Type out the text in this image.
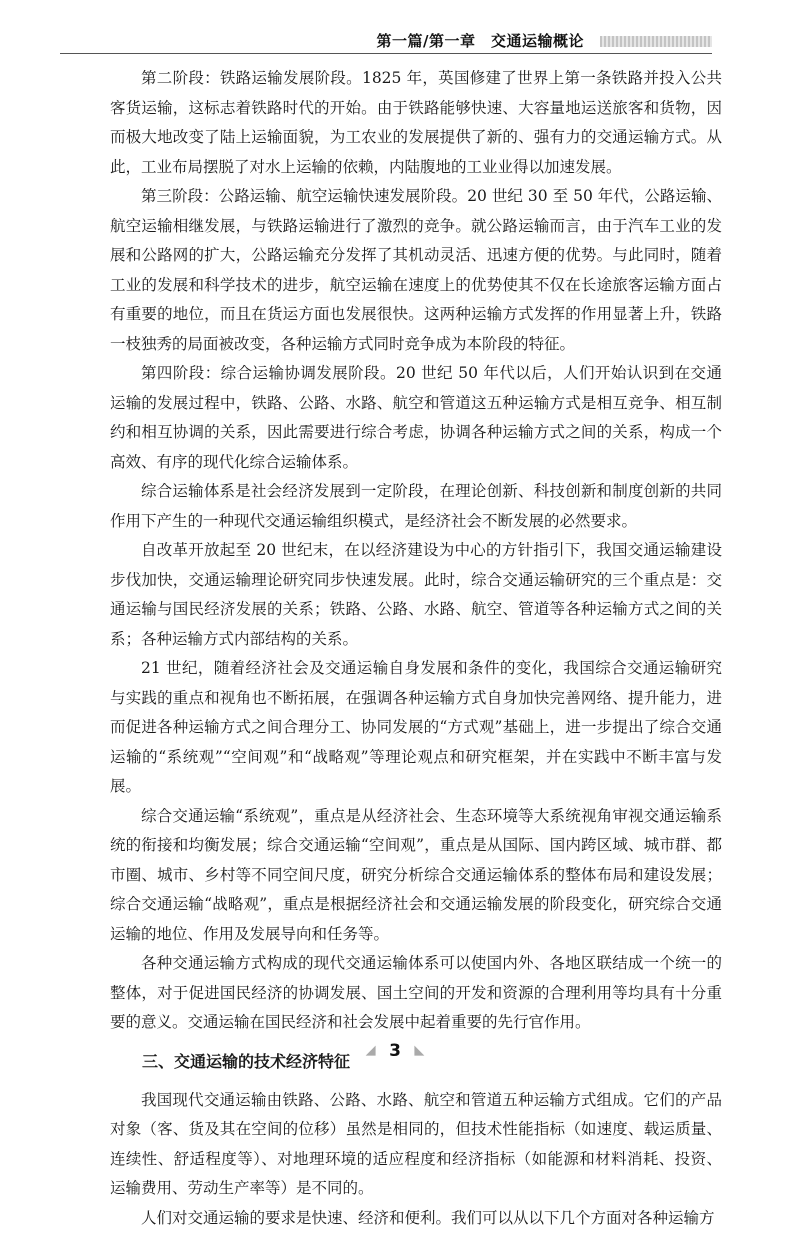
第一篇/第一章　交通运输概论

第二阶段：铁路运输发展阶段。1825 年，英国修建了世界上第一条铁路并投入公共客货运输，这标志着铁路时代的开始。由于铁路能够快速、大容量地运送旅客和货物，因而极大地改变了陆上运输面貌，为工农业的发展提供了新的、强有力的交通运输方式。从此，工业布局摆脱了对水上运输的依赖，内陆腹地的工业业得以加速发展。

第三阶段：公路运输、航空运输快速发展阶段。20 世纪 30 至 50 年代，公路运输、航空运输相继发展，与铁路运输进行了激烈的竞争。就公路运输而言，由于汽车工业的发展和公路网的扩大，公路运输充分发挥了其机动灵活、迅速方便的优势。与此同时，随着工业的发展和科学技术的进步，航空运输在速度上的优势使其不仅在长途旅客运输方面占有重要的地位，而且在货运方面也发展很快。这两种运输方式发挥的作用显著上升，铁路一枝独秀的局面被改变，各种运输方式同时竞争成为本阶段的特征。

第四阶段：综合运输协调发展阶段。20 世纪 50 年代以后，人们开始认识到在交通运输的发展过程中，铁路、公路、水路、航空和管道这五种运输方式是相互竞争、相互制约和相互协调的关系，因此需要进行综合考虑，协调各种运输方式之间的关系，构成一个高效、有序的现代化综合运输体系。

综合运输体系是社会经济发展到一定阶段，在理论创新、科技创新和制度创新的共同作用下产生的一种现代交通运输组织模式，是经济社会不断发展的必然要求。

自改革开放起至 20 世纪末，在以经济建设为中心的方针指引下，我国交通运输建设步伐加快，交通运输理论研究同步快速发展。此时，综合交通运输研究的三个重点是：交通运输与国民经济发展的关系；铁路、公路、水路、航空、管道等各种运输方式之间的关系；各种运输方式内部结构的关系。

21 世纪，随着经济社会及交通运输自身发展和条件的变化，我国综合交通运输研究与实践的重点和视角也不断拓展，在强调各种运输方式自身加快完善网络、提升能力，进而促进各种运输方式之间合理分工、协同发展的“方式观”基础上，进一步提出了综合交通运输的“系统观”“空间观”和“战略观”等理论观点和研究框架，并在实践中不断丰富与发展。

综合交通运输“系统观”，重点是从经济社会、生态环境等大系统视角审视交通运输系统的衔接和均衡发展；综合交通运输“空间观”，重点是从国际、国内跨区域、城市群、都市圈、城市、乡村等不同空间尺度，研究分析综合交通运输体系的整体布局和建设发展；综合交通运输“战略观”，重点是根据经济社会和交通运输发展的阶段变化，研究综合交通运输的地位、作用及发展导向和任务等。

各种交通运输方式构成的现代交通运输体系可以使国内外、各地区联结成一个统一的整体，对于促进国民经济的协调发展、国土空间的开发和资源的合理利用等均具有十分重要的意义。交通运输在国民经济和社会发展中起着重要的先行官作用。

三、交通运输的技术经济特征

我国现代交通运输由铁路、公路、水路、航空和管道五种运输方式组成。它们的产品对象（客、货及其在空间的位移）虽然是相同的，但技术性能指标（如速度、载运质量、连续性、舒适程度等）、对地理环境的适应程度和经济指标（如能源和材料消耗、投资、运输费用、劳动生产率等）是不同的。

人们对交通运输的要求是快速、经济和便利。我们可以从以下几个方面对各种运输方

◢ 3 ◣
